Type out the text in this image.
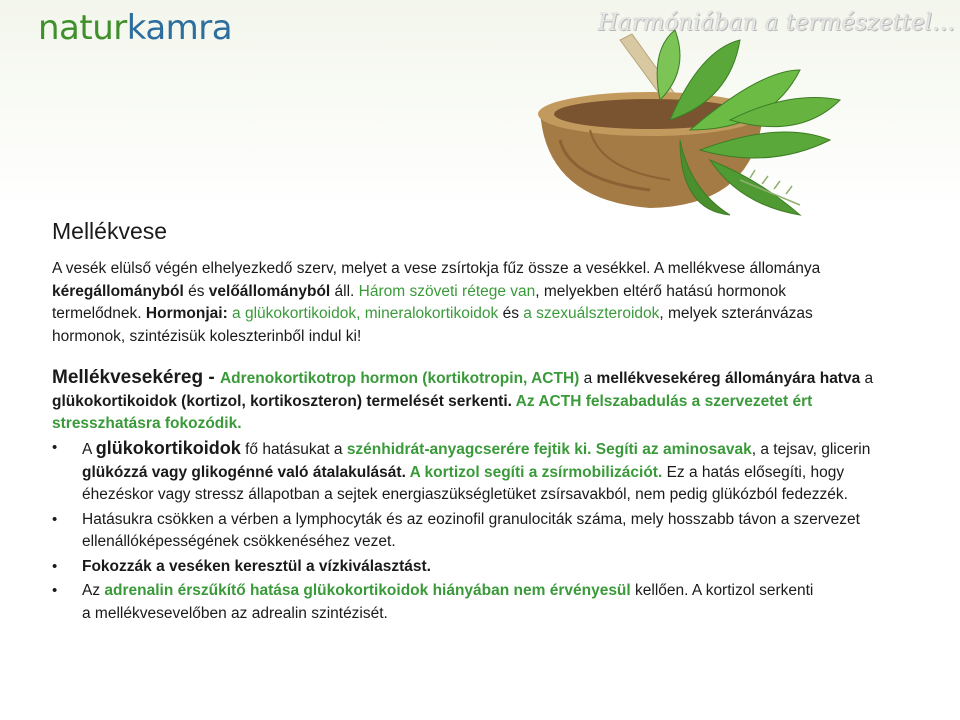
naturkamra	Harmóniában a természettel…
Mellékvese
A vesék elülső végén elhelyezkedő szerv, melyet a vese zsírtokja fűz össze a vesékkel. A mellékvese állománya
kéregállományból és velőállományból áll. Három szöveti rétege van, melyekben eltérő hatású hormonok
termelődnek. Hormonjai: a glükokortikoidok, mineralokortikoidok és a szexuálszteroidok, melyek szteránvázas
hormonok, szintézisük koleszterinből indul ki!
Mellékvesekéreg - Adrenokortikotrop hormon (kortikotropin, ACTH) a mellékvesekéreg állományára hatva a
glükokortikoidok (kortizol, kortikoszteron) termelését serkenti. Az ACTH felszabadulás a szervezetet ért
stresszhatásra fokozódik.
• A glükokortikoidok fő hatásukat a szénhidrát-anyagcserére fejtik ki. Segíti az aminosavak, a tejsav, glicerin
glükózzá vagy glikogénné való átalakulását. A kortizol segíti a zsírmobilizációt. Ez a hatás elősegíti, hogy
éhezéskor vagy stressz állapotban a sejtek energiaszükségletüket zsírsavakból, nem pedig glükózból fedezzék.
• Hatásukra csökken a vérben a lymphocyták és az eozinofil granulociták száma, mely hosszabb távon a szervezet
ellenállóképességének csökkenéséhez vezet.
• Fokozzák a veséken keresztül a vízkiválasztást.
• Az adrenalin érszűkítő hatása glükokortikoidok hiányában nem érvényesül kellően. A kortizol serkenti
a mellékvesevelőben az adrealin szintézisét.
